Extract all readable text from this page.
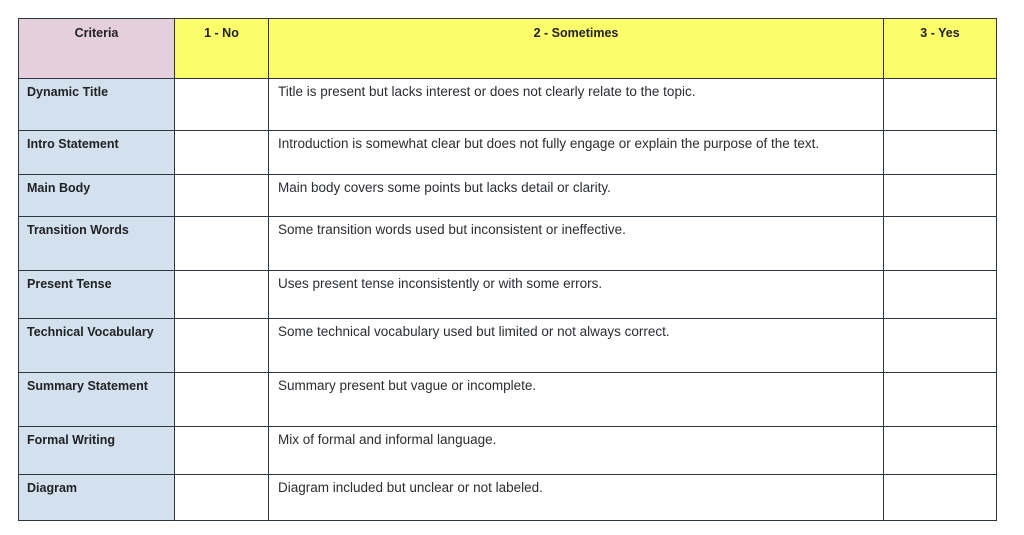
Criteria	1 - No	2 - Sometimes	3 - Yes
Dynamic Title		Title is present but lacks interest or does not clearly relate to the topic.	
Intro Statement		Introduction is somewhat clear but does not fully engage or explain the purpose of the text.	
Main Body		Main body covers some points but lacks detail or clarity.	
Transition Words		Some transition words used but inconsistent or ineffective.	
Present Tense		Uses present tense inconsistently or with some errors.	
Technical Vocabulary		Some technical vocabulary used but limited or not always correct.	
Summary Statement		Summary present but vague or incomplete.	
Formal Writing		Mix of formal and informal language.	
Diagram		Diagram included but unclear or not labeled.	
